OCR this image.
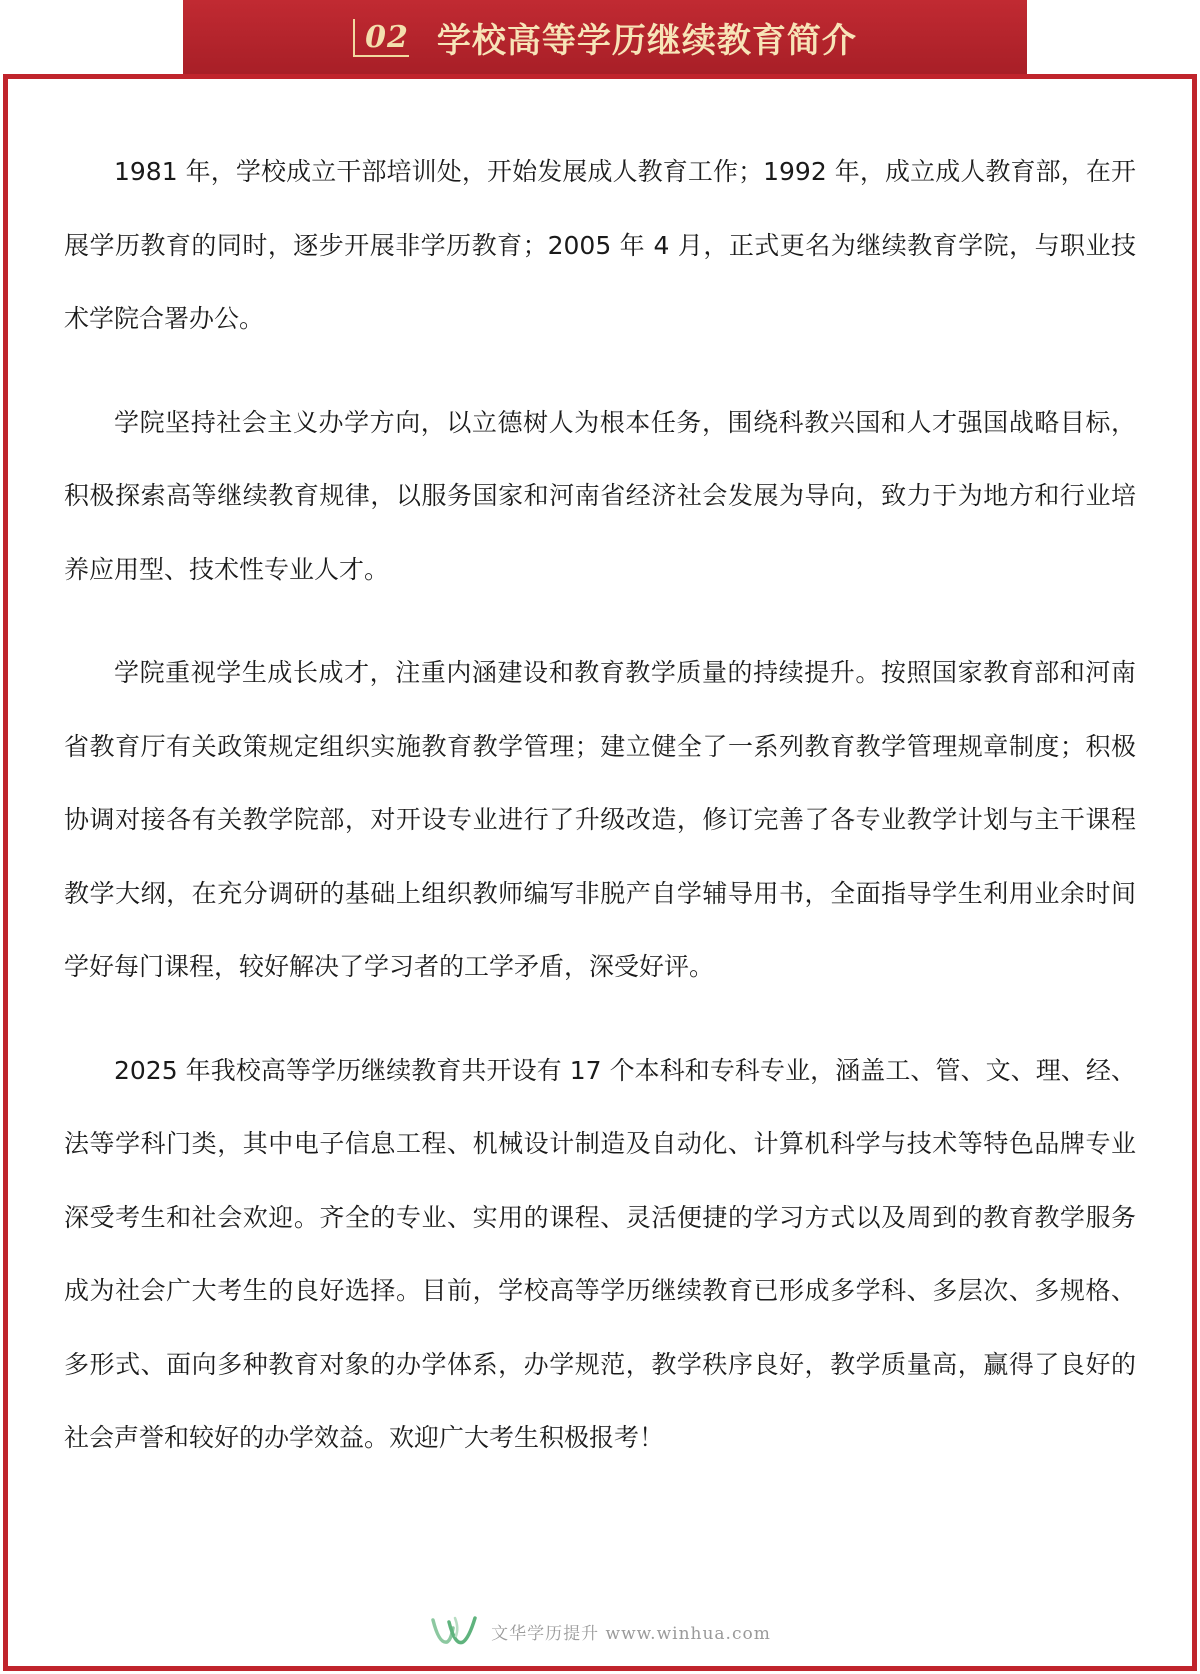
02 学校高等学历继续教育简介

1981 年，学校成立干部培训处，开始发展成人教育工作；1992 年，成立成人教育部，在开展学历教育的同时，逐步开展非学历教育；2005 年 4 月，正式更名为继续教育学院，与职业技术学院合署办公。

学院坚持社会主义办学方向，以立德树人为根本任务，围绕科教兴国和人才强国战略目标，积极探索高等继续教育规律，以服务国家和河南省经济社会发展为导向，致力于为地方和行业培养应用型、技术性专业人才。

学院重视学生成长成才，注重内涵建设和教育教学质量的持续提升。按照国家教育部和河南省教育厅有关政策规定组织实施教育教学管理；建立健全了一系列教育教学管理规章制度；积极协调对接各有关教学院部，对开设专业进行了升级改造，修订完善了各专业教学计划与主干课程教学大纲，在充分调研的基础上组织教师编写非脱产自学辅导用书，全面指导学生利用业余时间学好每门课程，较好解决了学习者的工学矛盾，深受好评。

2025 年我校高等学历继续教育共开设有 17 个本科和专科专业，涵盖工、管、文、理、经、法等学科门类，其中电子信息工程、机械设计制造及自动化、计算机科学与技术等特色品牌专业深受考生和社会欢迎。齐全的专业、实用的课程、灵活便捷的学习方式以及周到的教育教学服务成为社会广大考生的良好选择。目前，学校高等学历继续教育已形成多学科、多层次、多规格、多形式、面向多种教育对象的办学体系，办学规范，教学秩序良好，教学质量高，赢得了良好的社会声誉和较好的办学效益。欢迎广大考生积极报考！

文华学历提升 www.winhua.com
